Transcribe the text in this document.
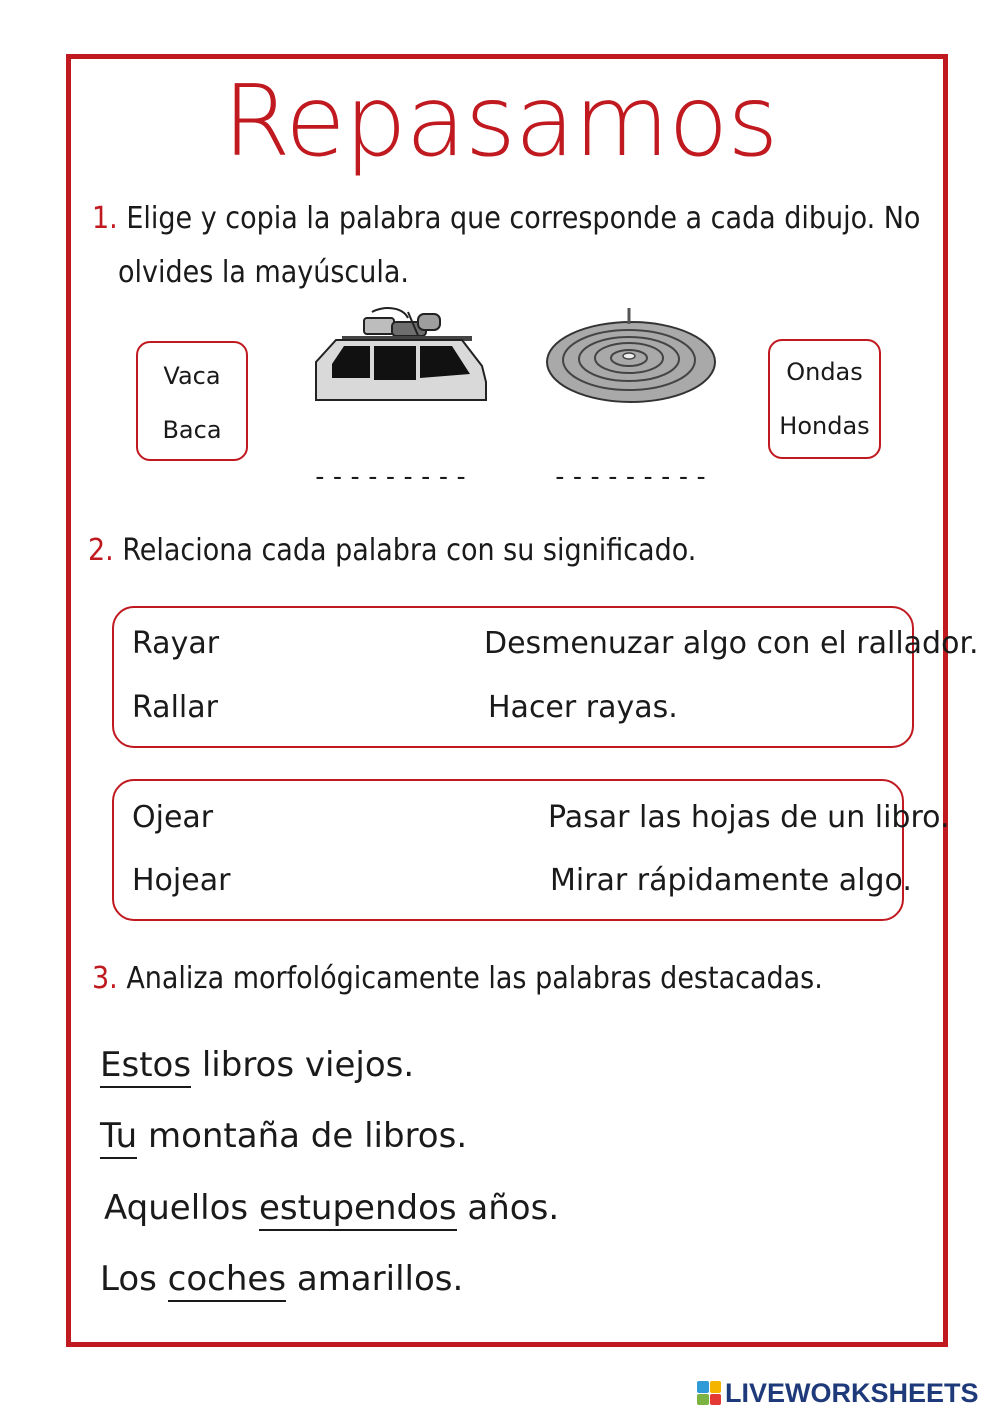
Repasamos
1. Elige y copia la palabra que corresponde a cada dibujo. No
olvides la mayúscula.
Vaca
Baca
Ondas
Hondas
---------	---------
2. Relaciona cada palabra con su significado.
Rayar
Rallar
Desmenuzar algo con el rallador.
Hacer rayas.
Ojear
Hojear
Pasar las hojas de un libro.
Mirar rápidamente algo.
3. Analiza morfológicamente las palabras destacadas.
Estos libros viejos.
Tu montaña de libros.
Aquellos estupendos años.
Los coches amarillos.
LIVEWORKSHEETS
